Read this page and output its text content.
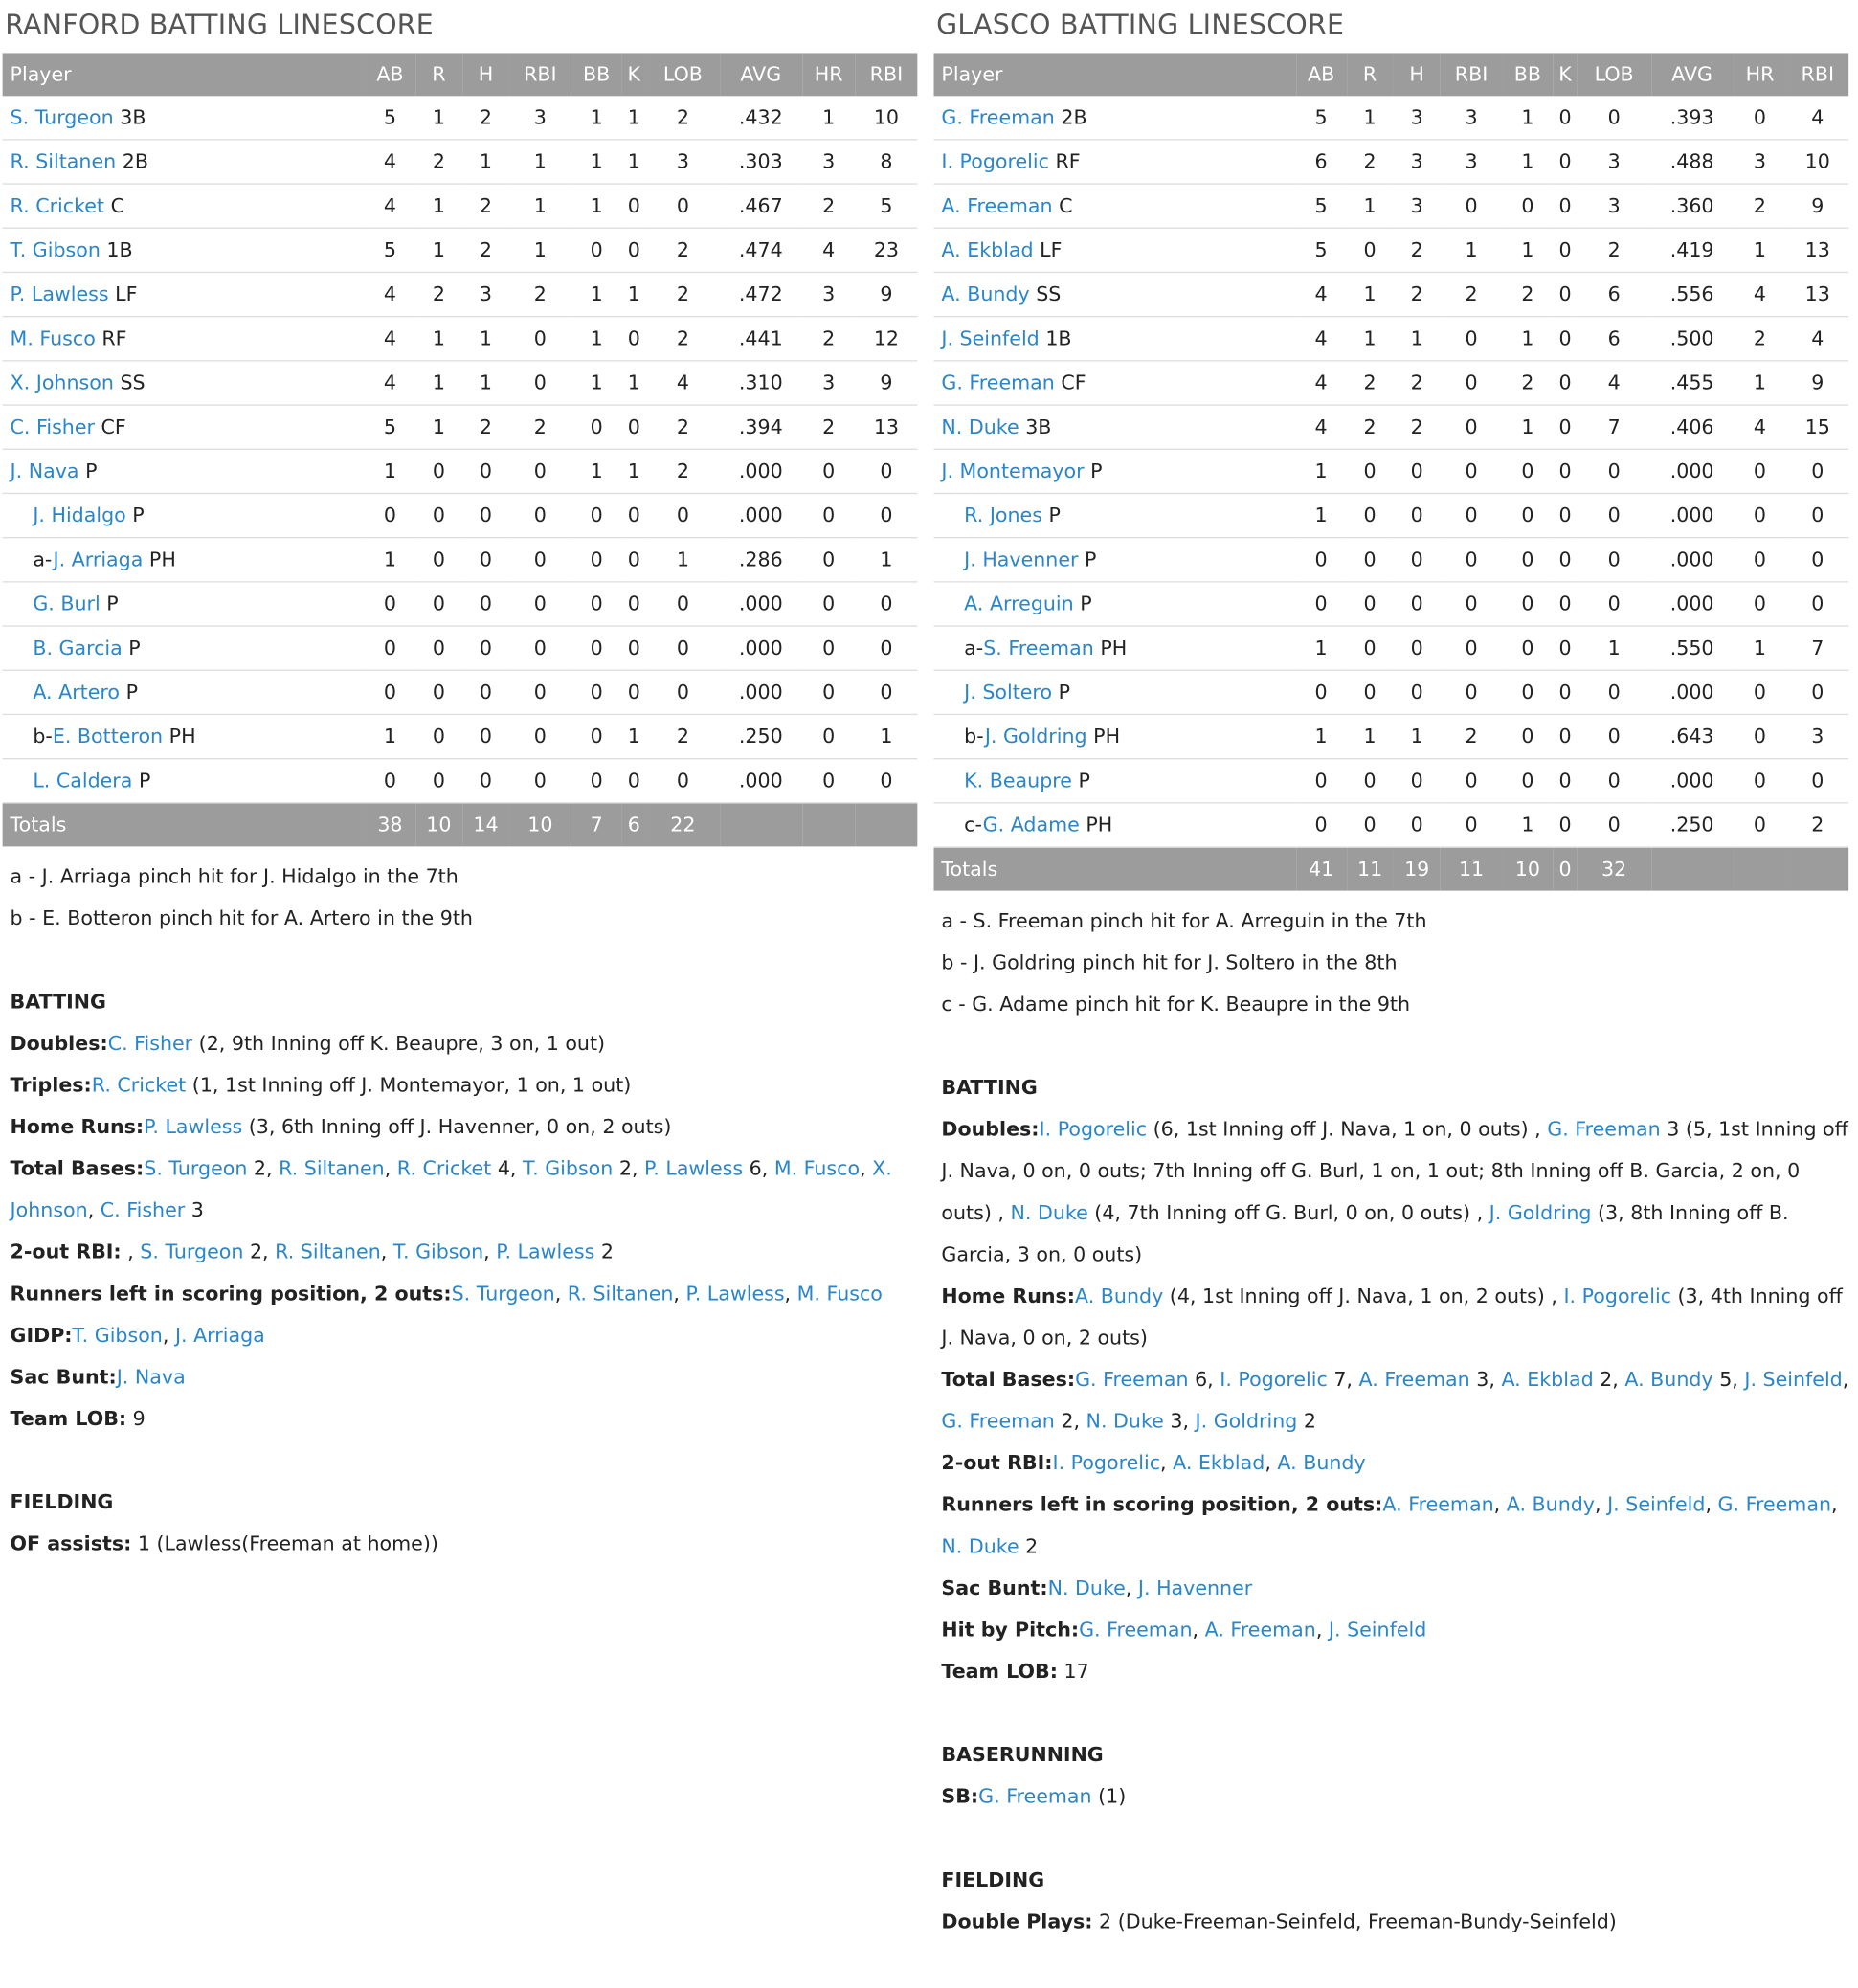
RANFORD BATTING LINESCORE
Player	AB	R	H	RBI	BB	K	LOB	AVG	HR	RBI
S. Turgeon 3B	5	1	2	3	1	1	2	.432	1	10
R. Siltanen 2B	4	2	1	1	1	1	3	.303	3	8
R. Cricket C	4	1	2	1	1	0	0	.467	2	5
T. Gibson 1B	5	1	2	1	0	0	2	.474	4	23
P. Lawless LF	4	2	3	2	1	1	2	.472	3	9
M. Fusco RF	4	1	1	0	1	0	2	.441	2	12
X. Johnson SS	4	1	1	0	1	1	4	.310	3	9
C. Fisher CF	5	1	2	2	0	0	2	.394	2	13
J. Nava P	1	0	0	0	1	1	2	.000	0	0
J. Hidalgo P	0	0	0	0	0	0	0	.000	0	0
a-J. Arriaga PH	1	0	0	0	0	0	1	.286	0	1
G. Burl P	0	0	0	0	0	0	0	.000	0	0
B. Garcia P	0	0	0	0	0	0	0	.000	0	0
A. Artero P	0	0	0	0	0	0	0	.000	0	0
b-E. Botteron PH	1	0	0	0	0	1	2	.250	0	1
L. Caldera P	0	0	0	0	0	0	0	.000	0	0
Totals	38	10	14	10	7	6	22			
a - J. Arriaga pinch hit for J. Hidalgo in the 7th
b - E. Botteron pinch hit for A. Artero in the 9th
BATTING

Doubles:C. Fisher (2, 9th Inning off K. Beaupre, 3 on, 1 out)

Triples:R. Cricket (1, 1st Inning off J. Montemayor, 1 on, 1 out)

Home Runs:P. Lawless (3, 6th Inning off J. Havenner, 0 on, 2 outs)

Total Bases:S. Turgeon 2, R. Siltanen, R. Cricket 4, T. Gibson 2, P. Lawless 6, M. Fusco, X. Johnson, C. Fisher 3

2-out RBI: , S. Turgeon 2, R. Siltanen, T. Gibson, P. Lawless 2

Runners left in scoring position, 2 outs:S. Turgeon, R. Siltanen, P. Lawless, M. Fusco

GIDP:T. Gibson, J. Arriaga

Sac Bunt:J. Nava

Team LOB: 9

FIELDING

OF assists: 1 (Lawless(Freeman at home))

GLASCO BATTING LINESCORE
Player	AB	R	H	RBI	BB	K	LOB	AVG	HR	RBI
G. Freeman 2B	5	1	3	3	1	0	0	.393	0	4
I. Pogorelic RF	6	2	3	3	1	0	3	.488	3	10
A. Freeman C	5	1	3	0	0	0	3	.360	2	9
A. Ekblad LF	5	0	2	1	1	0	2	.419	1	13
A. Bundy SS	4	1	2	2	2	0	6	.556	4	13
J. Seinfeld 1B	4	1	1	0	1	0	6	.500	2	4
G. Freeman CF	4	2	2	0	2	0	4	.455	1	9
N. Duke 3B	4	2	2	0	1	0	7	.406	4	15
J. Montemayor P	1	0	0	0	0	0	0	.000	0	0
R. Jones P	1	0	0	0	0	0	0	.000	0	0
J. Havenner P	0	0	0	0	0	0	0	.000	0	0
A. Arreguin P	0	0	0	0	0	0	0	.000	0	0
a-S. Freeman PH	1	0	0	0	0	0	1	.550	1	7
J. Soltero P	0	0	0	0	0	0	0	.000	0	0
b-J. Goldring PH	1	1	1	2	0	0	0	.643	0	3
K. Beaupre P	0	0	0	0	0	0	0	.000	0	0
c-G. Adame PH	0	0	0	0	1	0	0	.250	0	2
Totals	41	11	19	11	10	0	32			
a - S. Freeman pinch hit for A. Arreguin in the 7th
b - J. Goldring pinch hit for J. Soltero in the 8th
c - G. Adame pinch hit for K. Beaupre in the 9th
BATTING

Doubles:I. Pogorelic (6, 1st Inning off J. Nava, 1 on, 0 outs) , G. Freeman 3 (5, 1st Inning off J. Nava, 0 on, 0 outs; 7th Inning off G. Burl, 1 on, 1 out; 8th Inning off B. Garcia, 2 on, 0 outs) , N. Duke (4, 7th Inning off G. Burl, 0 on, 0 outs) , J. Goldring (3, 8th Inning off B. Garcia, 3 on, 0 outs)

Home Runs:A. Bundy (4, 1st Inning off J. Nava, 1 on, 2 outs) , I. Pogorelic (3, 4th Inning off J. Nava, 0 on, 2 outs)

Total Bases:G. Freeman 6, I. Pogorelic 7, A. Freeman 3, A. Ekblad 2, A. Bundy 5, J. Seinfeld, G. Freeman 2, N. Duke 3, J. Goldring 2

2-out RBI:I. Pogorelic, A. Ekblad, A. Bundy

Runners left in scoring position, 2 outs:A. Freeman, A. Bundy, J. Seinfeld, G. Freeman, N. Duke 2

Sac Bunt:N. Duke, J. Havenner

Hit by Pitch:G. Freeman, A. Freeman, J. Seinfeld

Team LOB: 17

BASERUNNING

SB:G. Freeman (1)

FIELDING

Double Plays: 2 (Duke-Freeman-Seinfeld, Freeman-Bundy-Seinfeld)
